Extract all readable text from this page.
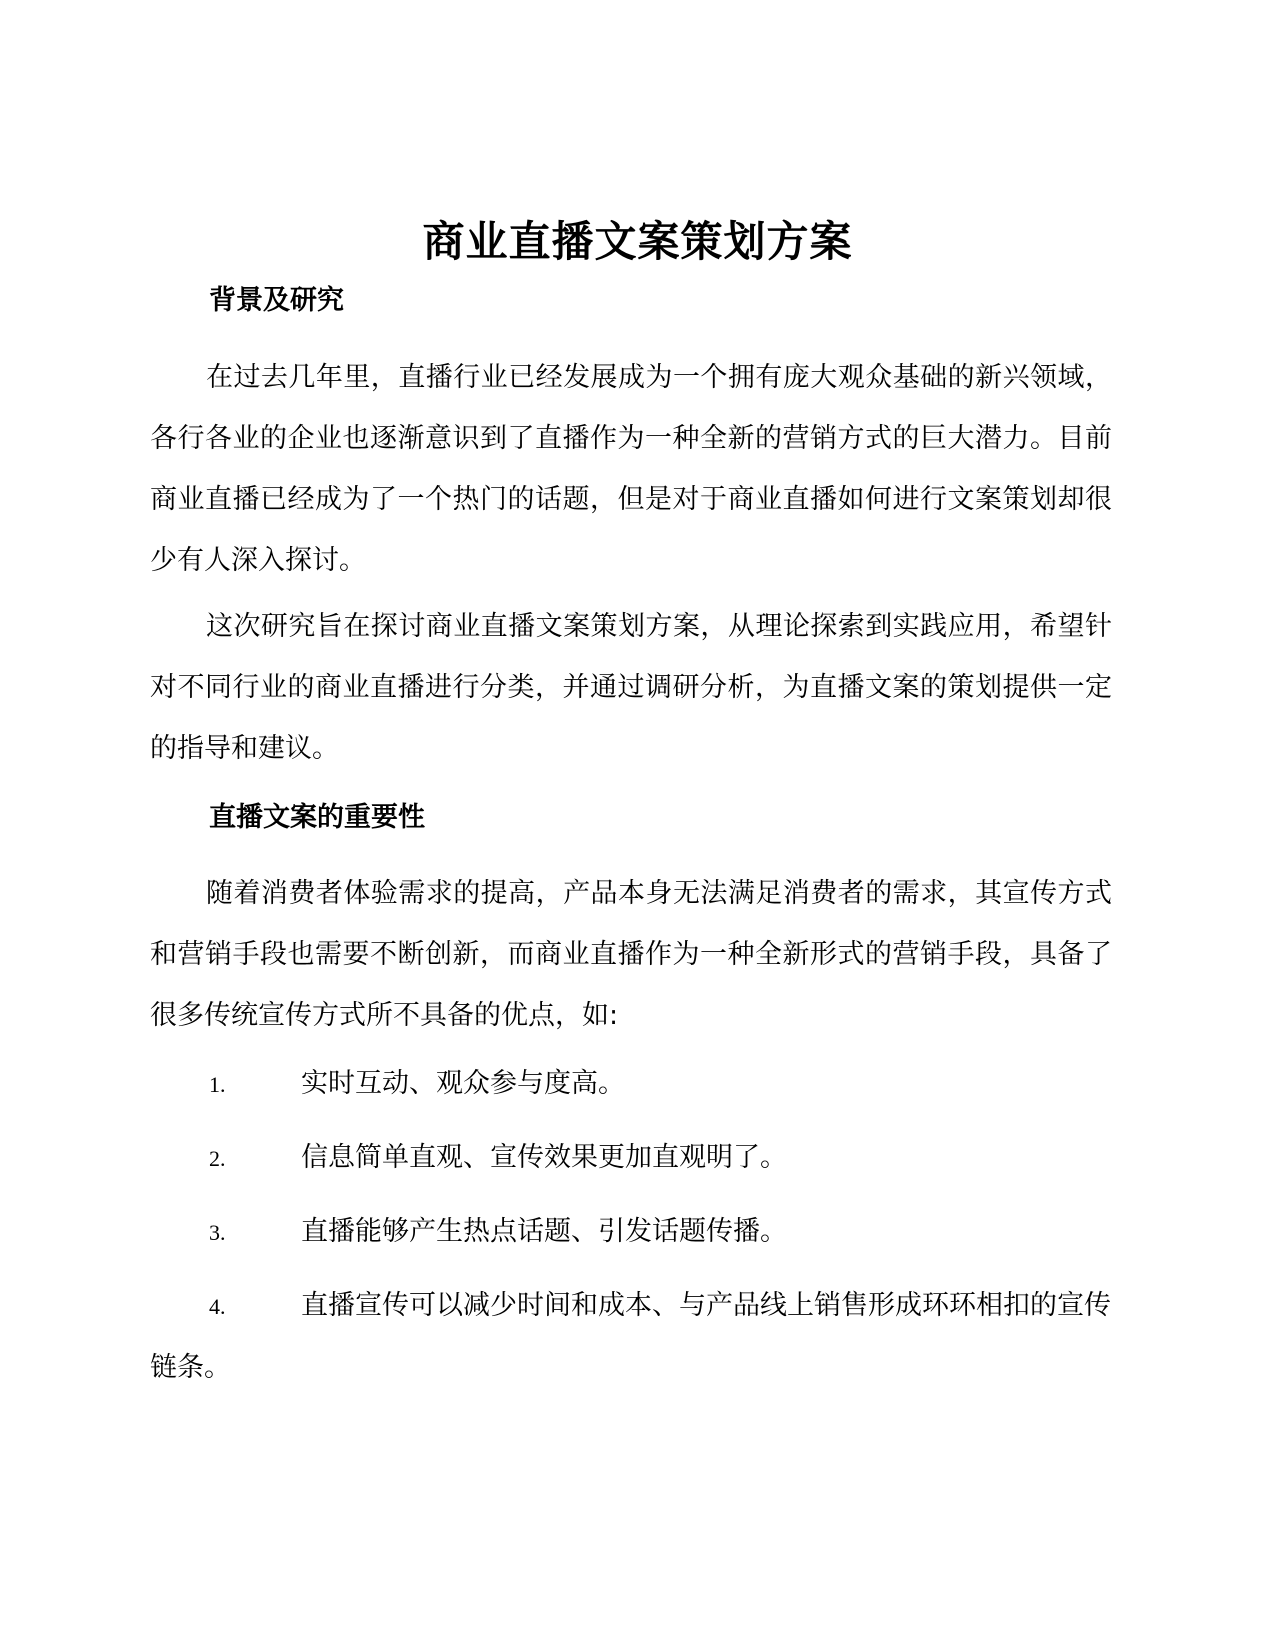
商业直播文案策划方案
背景及研究

在过去几年里，直播行业已经发展成为一个拥有庞大观众基础的新兴领域，各行各业的企业也逐渐意识到了直播作为一种全新的营销方式的巨大潜力。目前商业直播已经成为了一个热门的话题，但是对于商业直播如何进行文案策划却很少有人深入探讨。

这次研究旨在探讨商业直播文案策划方案，从理论探索到实践应用，希望针对不同行业的商业直播进行分类，并通过调研分析，为直播文案的策划提供一定的指导和建议。

直播文案的重要性

随着消费者体验需求的提高，产品本身无法满足消费者的需求，其宣传方式和营销手段也需要不断创新，而商业直播作为一种全新形式的营销手段，具备了很多传统宣传方式所不具备的优点，如:

1.	实时互动、观众参与度高。
2.	信息简单直观、宣传效果更加直观明了。
3.	直播能够产生热点话题、引发话题传播。
4.	直播宣传可以减少时间和成本、与产品线上销售形成环环相扣的宣传链条。
